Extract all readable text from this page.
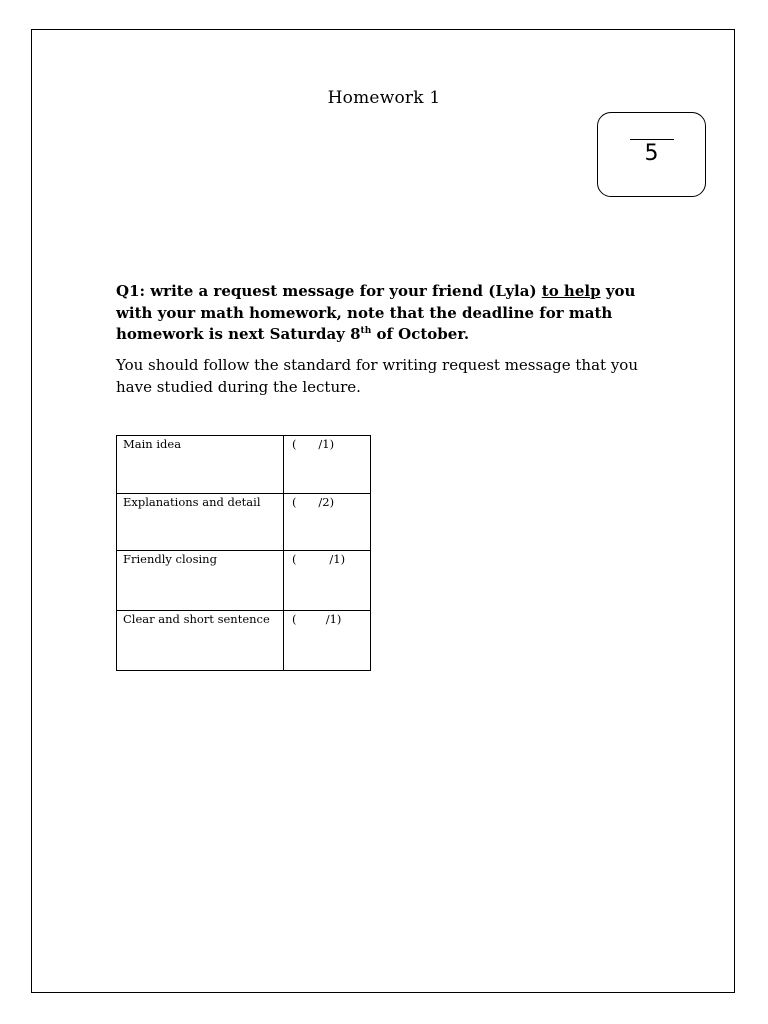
Homework 1
5
Q1: write a request message for your friend (Lyla) to help you with your math homework, note that the deadline for math homework is next Saturday 8th of October.
You should follow the standard for writing request message that you have studied during the lecture.
Main idea	(      /1)
Explanations and detail	(      /2)
Friendly closing	(         /1)
Clear and short sentence	(        /1)
